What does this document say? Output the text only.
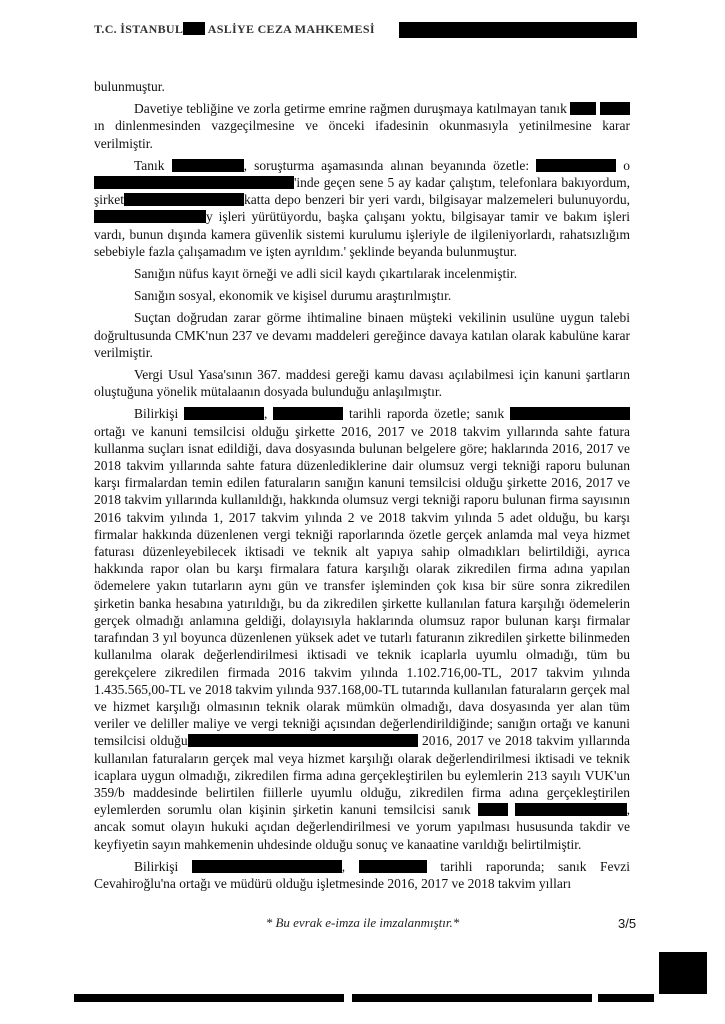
T.C. İSTANBUL ASLİYE CEZA MAHKEMESİ

bulunmuştur.

Davetiye tebliğine ve zorla getirme emrine rağmen duruşmaya katılmayan tanık  ın dinlenmesinden vazgeçilmesine ve önceki ifadesinin okunmasıyla yetinilmesine karar verilmiştir.

Tanık	, soruşturma aşamasında alınan beyanında özetle:	o 'inde geçen sene 5 ay kadar çalıştım, telefonlara bakıyordum, şirket	katta depo benzeri bir yeri vardı, bilgisayar malzemeleri bulunuyordu, y işleri yürütüyordu, başka çalışanı yoktu, bilgisayar tamir ve bakım işleri vardı, bunun dışında kamera güvenlik sistemi kurulumu işleriyle de ilgileniyorlardı, rahatsızlığım sebebiyle fazla çalışamadım ve işten ayrıldım.' şeklinde beyanda bulunmuştur.

Sanığın nüfus kayıt örneği ve adli sicil kaydı çıkartılarak incelenmiştir.

Sanığın sosyal, ekonomik ve kişisel durumu araştırılmıştır.

Suçtan doğrudan zarar görme ihtimaline binaen müşteki vekilinin usulüne uygun talebi doğrultusunda CMK'nun 237 ve devamı maddeleri gereğince davaya katılan olarak kabulüne karar verilmiştir.

Vergi Usul Yasa'sının 367. maddesi gereği kamu davası açılabilmesi için kanuni şartların oluştuğuna yönelik mütalaanın dosyada bulunduğu anlaşılmıştır.

Bilirkişi	,	tarihli raporda özetle; sanık  ortağı ve kanuni temsilcisi olduğu şirkette 2016, 2017 ve 2018 takvim yıllarında sahte fatura kullanma suçları isnat edildiği, dava dosyasında bulunan belgelere göre; haklarında 2016, 2017 ve 2018 takvim yıllarında sahte fatura düzenlediklerine dair olumsuz vergi tekniği raporu bulunan karşı firmalardan temin edilen faturaların sanığın kanuni temsilcisi olduğu şirkette 2016, 2017 ve 2018 takvim yıllarında kullanıldığı, hakkında olumsuz vergi tekniği raporu bulunan firma sayısının 2016 takvim yılında 1, 2017 takvim yılında 2 ve 2018 takvim yılında 5 adet olduğu, bu karşı firmalar hakkında düzenlenen vergi tekniği raporlarında özetle gerçek anlamda mal veya hizmet faturası düzenleyebilecek iktisadi ve teknik alt yapıya sahip olmadıkları belirtildiği, ayrıca hakkında rapor olan bu karşı firmalara fatura karşılığı olarak zikredilen firma adına yapılan ödemelere yakın tutarların aynı gün ve transfer işleminden çok kısa bir süre sonra zikredilen şirketin banka hesabına yatırıldığı, bu da zikredilen şirkette kullanılan fatura karşılığı ödemelerin gerçek olmadığı anlamına geldiği, dolayısıyla haklarında olumsuz rapor bulunan karşı firmalar tarafından 3 yıl boyunca düzenlenen yüksek adet ve tutarlı faturanın zikredilen şirkette bilinmeden kullanılma olarak değerlendirilmesi iktisadi ve teknik icaplarla uyumlu olmadığı, tüm bu gerekçelere zikredilen firmada 2016 takvim yılında 1.102.716,00-TL, 2017 takvim yılında 1.435.565,00-TL ve 2018 takvim yılında 937.168,00-TL tutarında kullanılan faturaların gerçek mal ve hizmet karşılığı olmasının teknik olarak mümkün olmadığı, dava dosyasında yer alan tüm veriler ve deliller maliye ve vergi tekniği açısından değerlendirildiğinde; sanığın ortağı ve kanuni temsilcisi olduğu	2016, 2017 ve 2018 takvim yıllarında kullanılan faturaların gerçek mal veya hizmet karşılığı olarak değerlendirilmesi iktisadi ve teknik icaplara uygun olmadığı, zikredilen firma adına gerçekleştirilen bu eylemlerin 213 sayılı VUK'un 359/b maddesinde belirtilen fiillerle uyumlu olduğu, zikredilen firma adına gerçekleştirilen eylemlerden sorumlu olan kişinin şirketin kanuni temsilcisi sanık	, ancak somut olayın hukuki açıdan değerlendirilmesi ve yorum yapılması hususunda takdir ve keyfiyetin sayın mahkemenin uhdesinde olduğu sonuç ve kanaatine varıldığı belirtilmiştir.

Bilirkişi	,	tarihli raporunda; sanık Fevzi Cevahiroğlu'na ortağı ve müdürü olduğu işletmesinde 2016, 2017 ve 2018 takvim yılları

* Bu evrak e-imza ile imzalanmıştır.*	3/5
